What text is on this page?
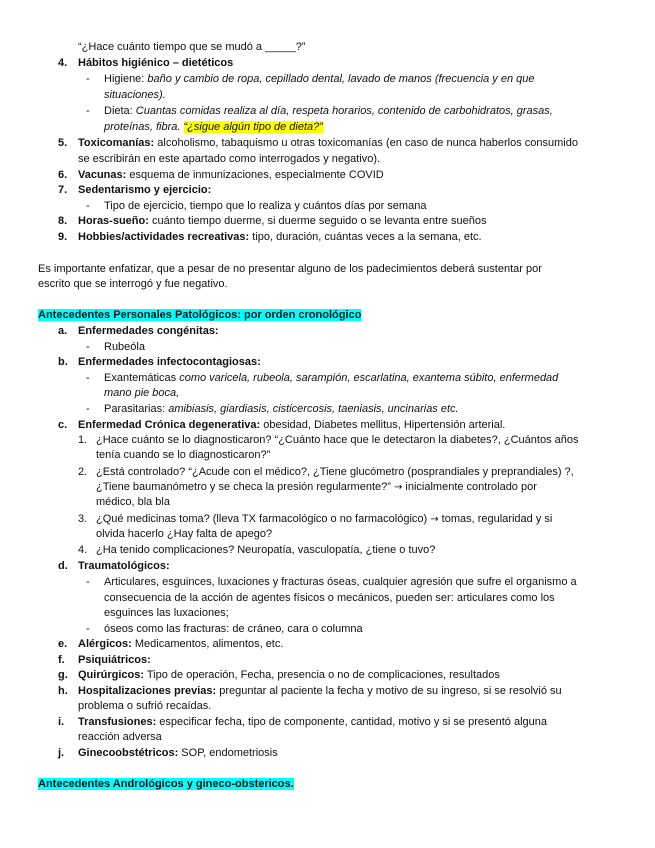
“¿Hace cuánto tiempo que se mudó a _____?”
4. Hábitos higiénico – dietéticos
- Higiene: baño y cambio de ropa, cepillado dental, lavado de manos (frecuencia y en que
situaciones).
- Dieta: Cuantas comidas realiza al día, respeta horarios, contenido de carbohidratos, grasas,
proteínas, fibra. “¿sigue algún tipo de dieta?”
5. Toxicomanías: alcoholismo, tabaquismo u otras toxicomanías (en caso de nunca haberlos consumido
se escribirán en este apartado como interrogados y negativo).
6. Vacunas: esquema de inmunizaciones, especialmente COVID
7. Sedentarismo y ejercicio:
- Tipo de ejercicio, tiempo que lo realiza y cuántos días por semana
8. Horas-sueño: cuánto tiempo duerme, si duerme seguido o se levanta entre sueños
9. Hobbies/actividades recreativas: tipo, duración, cuántas veces a la semana, etc.
Es importante enfatizar, que a pesar de no presentar alguno de los padecimientos deberá sustentar por
escrito que se interrogó y fue negativo.
Antecedentes Personales Patológicos: por orden cronológico
a. Enfermedades congénitas:
- Rubeóla
b. Enfermedades infectocontagiosas:
- Exantemáticas como varicela, rubeola, sarampión, escarlatina, exantema súbito, enfermedad
mano pie boca,
- Parasitarias: amibiasis, giardiasis, cisticercosis, taeniasis, uncinarias etc.
c. Enfermedad Crónica degenerativa: obesidad, Diabetes mellitus, Hipertensión arterial.
1. ¿Hace cuánto se lo diagnosticaron? “¿Cuánto hace que le detectaron la diabetes?, ¿Cuántos años
tenía cuando se lo diagnosticaron?”
2. ¿Está controlado? “¿Acude con el médico?, ¿Tiene glucómetro (posprandiales y preprandiales) ?,
¿Tiene baumanómetro y se checa la presión regularmente?” → inicialmente controlado por
médico, bla bla
3. ¿Qué medicinas toma? (lleva TX farmacológico o no farmacológico) → tomas, regularidad y si
olvida hacerlo ¿Hay falta de apego?
4. ¿Ha tenido complicaciones? Neuropatía, vasculopatía, ¿tiene o tuvo?
d. Traumatológicos:
- Articulares, esguinces, luxaciones y fracturas óseas, cualquier agresión que sufre el organismo a
consecuencia de la acción de agentes físicos o mecánicos, pueden ser: articulares como los
esguinces las luxaciones;
- óseos como las fracturas: de cráneo, cara o columna
e. Alérgicos: Medicamentos, alimentos, etc.
f. Psiquiátricos:
g. Quirúrgicos: Tipo de operación, Fecha, presencia o no de complicaciones, resultados
h. Hospitalizaciones previas: preguntar al paciente la fecha y motivo de su ingreso, si se resolvió su
problema o sufrió recaídas.
i. Transfusiones: especificar fecha, tipo de componente, cantidad, motivo y si se presentó alguna
reacción adversa
j. Ginecoobstétricos: SOP, endometriosis
Antecedentes Andrológicos y gineco-obstericos.
